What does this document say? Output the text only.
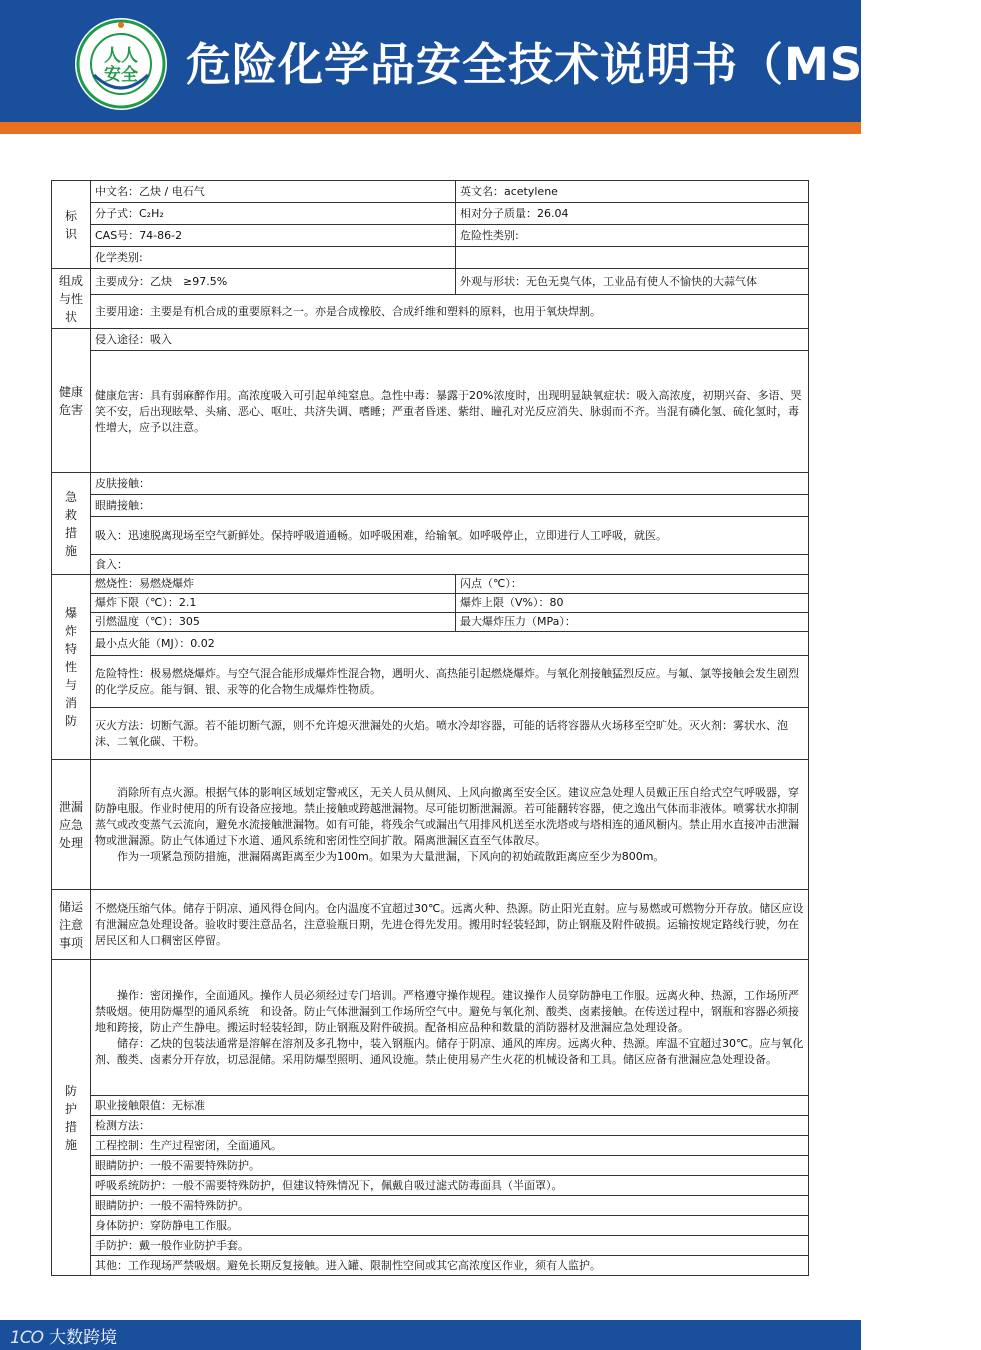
人人
安全 危险化学品安全技术说明书（MSDS）
标识	中文名：乙炔 / 电石气	英文名：acetylene
	分子式：C₂H₂	相对分子质量：26.04
	CAS号：74-86-2	危险性类别:
	化学类别:	

组成与性状	主要成分：乙炔　≥97.5%	外观与形状：无色无臭气体，工业品有使人不愉快的大蒜气体
	主要用途：主要是有机合成的重要原料之一。亦是合成橡胶、合成纤维和塑料的原料，也用于氧炔焊割。	

健康危害	侵入途径：吸入	
	健康危害：具有弱麻醉作用。高浓度吸入可引起单纯窒息。急性中毒：暴露于20%浓度时，出现明显缺氧症状：吸入高浓度，初期兴奋、多语、哭笑不安，后出现眩晕、头痛、恶心、呕吐、共济失调、嗜睡；严重者昏迷、紫绀、瞳孔对光反应消失、脉弱而不齐。当混有磷化氢、硫化氢时，毒性增大，应予以注意。	

急救措施	皮肤接触：	
	眼睛接触：	
	吸入：迅速脱离现场至空气新鲜处。保持呼吸道通畅。如呼吸困难，给输氧。如呼吸停止，立即进行人工呼吸，就医。	
	食入：	

爆炸特性与消防	燃烧性：易燃烧爆炸	闪点（℃）：
	爆炸下限（℃）：2.1	爆炸上限（V%）：80
	引燃温度（℃）：305	最大爆炸压力（MPa）：
	最小点火能（MJ）：0.02	
	危险特性：极易燃烧爆炸。与空气混合能形成爆炸性混合物，遇明火、高热能引起燃烧爆炸。与氧化剂接触猛烈反应。与氟、氯等接触会发生剧烈的化学反应。能与铜、银、汞等的化合物生成爆炸性物质。	
	灭火方法：切断气源。若不能切断气源，则不允许熄灭泄漏处的火焰。喷水冷却容器，可能的话将容器从火场移至空旷处。灭火剂：雾状水、泡沫、二氧化碳、干粉。	

泄漏应急处理	消除所有点火源。根据气体的影响区域划定警戒区，无关人员从侧风、上风向撤离至安全区。建议应急处理人员戴正压自给式空气呼吸器，穿防静电服。作业时使用的所有设备应接地。禁止接触或跨越泄漏物。尽可能切断泄漏源。若可能翻转容器，使之逸出气体而非液体。喷雾状水抑制蒸气或改变蒸气云流向，避免水流接触泄漏物。如有可能，将残余气或漏出气用排风机送至水洗塔或与塔相连的通风橱内。禁止用水直接冲击泄漏物或泄漏源。防止气体通过下水道、通风系统和密闭性空间扩散。隔离泄漏区直至气体散尽。

作为一项紧急预防措施，泄漏隔离距离至少为100m。如果为大量泄漏，下风向的初始疏散距离应至少为800m。	

储运注意事项	不燃烧压缩气体。储存于阴凉、通风得仓间内。仓内温度不宜超过30℃。远离火种、热源。防止阳光直射。应与易燃或可燃物分开存放。储区应设有泄漏应急处理设备。验收时要注意品名，注意验瓶日期，先进仓得先发用。搬用时轻装轻卸，防止钢瓶及附件破损。运输按规定路线行驶，勿在居民区和人口稠密区停留。	

防护措施	操作：密闭操作，全面通风。操作人员必须经过专门培训。严格遵守操作规程。建议操作人员穿防静电工作服。远离火种、热源，工作场所严禁吸烟。使用防爆型的通风系统　和设备。防止气体泄漏到工作场所空气中。避免与氧化剂、酸类、卤素接触。在传送过程中，钢瓶和容器必须接地和跨接，防止产生静电。搬运时轻装轻卸，防止钢瓶及附件破损。配备相应品种和数量的消防器材及泄漏应急处理设备。

储存：乙炔的包装法通常是溶解在溶剂及多孔物中，装入钢瓶内。储存于阴凉、通风的库房。远离火种、热源。库温不宜超过30℃。应与氧化剂、酸类、卤素分开存放，切忌混储。采用防爆型照明、通风设施。禁止使用易产生火花的机械设备和工具。储区应备有泄漏应急处理设备。	

	职业接触限值：无标准	
	检测方法：	
	工程控制：生产过程密闭，全面通风。	
	眼睛防护：一般不需要特殊防护。	
	呼吸系统防护：一般不需要特殊防护，但建议特殊情况下，佩戴自吸过滤式防毒面具（半面罩）。	
	眼睛防护：一般不需特殊防护。	
	身体防护：穿防静电工作服。	
	手防护：戴一般作业防护手套。	
	其他：工作现场严禁吸烟。避免长期反复接触。进入罐、限制性空间或其它高浓度区作业，须有人监护。	
1CO 大数跨境
